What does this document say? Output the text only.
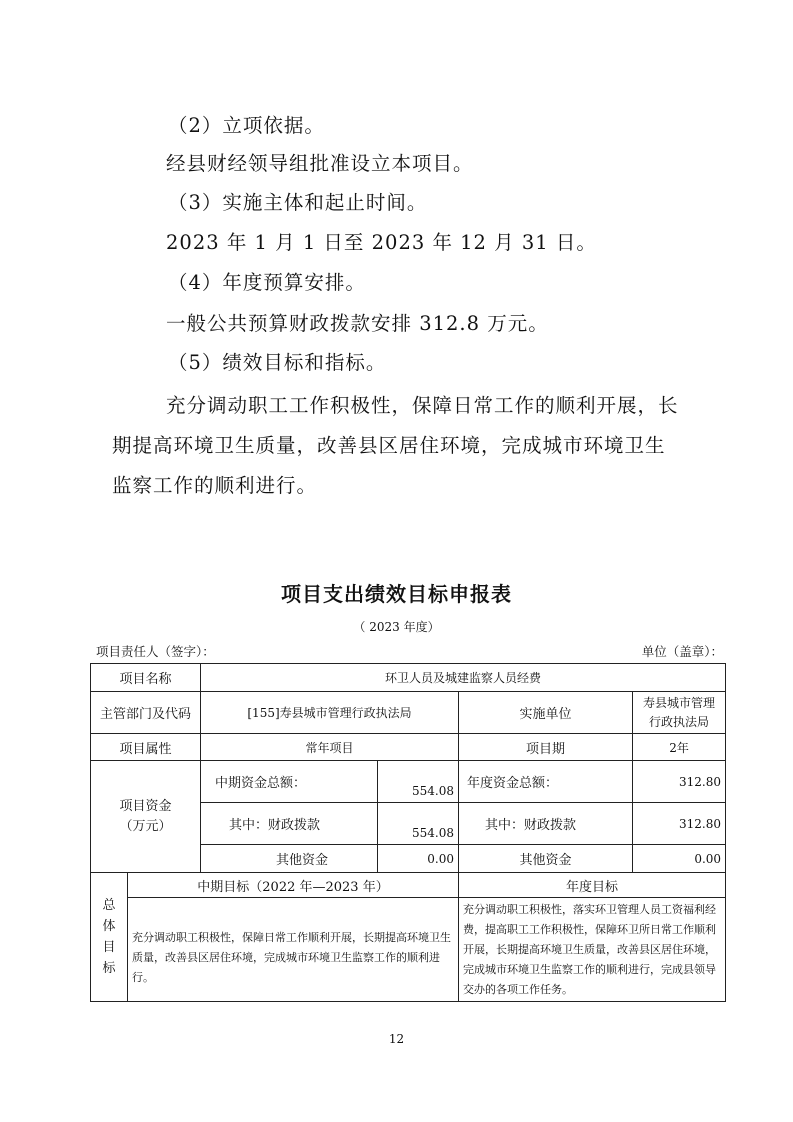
（2）立项依据。
经县财经领导组批准设立本项目。
（3）实施主体和起止时间。
2023 年 1 月 1 日至 2023 年 12 月 31 日。
（4）年度预算安排。
一般公共预算财政拨款安排 312.8 万元。
（5）绩效目标和指标。
充分调动职工工作积极性，保障日常工作的顺利开展，长
期提高环境卫生质量，改善县区居住环境，完成城市环境卫生
监察工作的顺利进行。
项目支出绩效目标申报表
（ 2023 年度）
项目责任人（签字）：	单位（盖章）：
项目名称		环卫人员及城建监察人员经费			
主管部门及代码		[155]寿县城市管理行政执法局		实施单位	寿县城市管理
行政执法局

项目属性		常年项目		项目期	2年

项目资金
（万元）		中期资金总额：	554.08	年度资金总额：	312.80
		其中：财政拨款	554.08	其中：财政拨款	312.80
		其他资金	0.00	其他资金	0.00

总
体
目
标	中期目标（2022 年—2023 年）			年度目标	
	充分调动职工积极性，保障日常工作顺利开展，长期提高环境卫生质量，改善县区居住环境，完成城市环境卫生监察工作的顺利进行。			充分调动职工积极性，落实环卫管理人员工资福利经费，提高职工工作积极性，保障环卫所日常工作顺利开展，长期提高环境卫生质量，改善县区居住环境，完成城市环境卫生监察工作的顺利进行，完成县领导交办的各项工作任务。	
12
